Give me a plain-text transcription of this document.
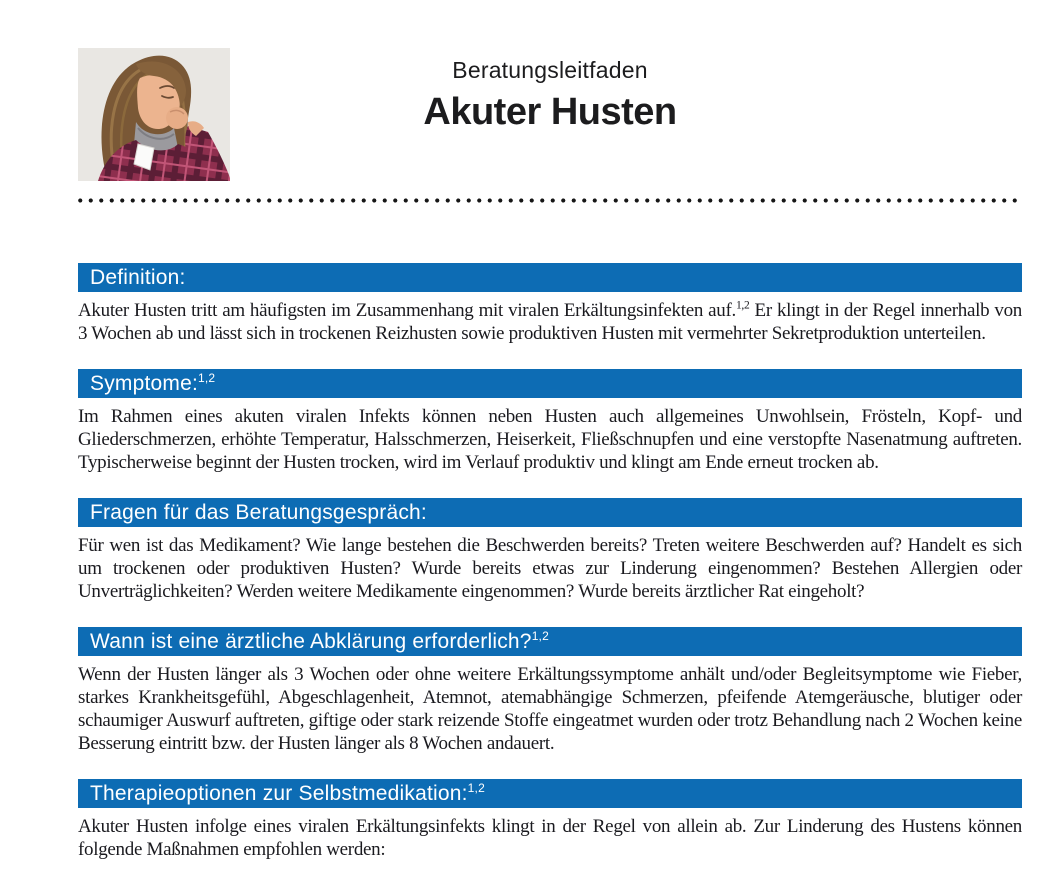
Beratungsleitfaden
Akuter Husten
Definition:

Akuter Husten tritt am häufigsten im Zusammenhang mit viralen Erkältungsinfekten auf.$^{1,2}$ Er klingt in der Regel innerhalb von 3 Wochen ab und lässt sich in trockenen Reizhusten sowie produktiven Husten mit vermehrter Sekretproduktion unterteilen.

Symptome:$^{1,2}$

Im Rahmen eines akuten viralen Infekts können neben Husten auch allgemeines Unwohlsein, Frösteln, Kopf- und Gliederschmerzen, erhöhte Temperatur, Halsschmerzen, Heiserkeit, Fließschnupfen und eine verstopfte Nasenatmung auftreten. Typischerweise beginnt der Husten trocken, wird im Verlauf produktiv und klingt am Ende erneut trocken ab.

Fragen für das Beratungsgespräch:

Für wen ist das Medikament? Wie lange bestehen die Beschwerden bereits? Treten weitere Beschwerden auf? Handelt es sich um trockenen oder produktiven Husten? Wurde bereits etwas zur Linderung eingenommen? Bestehen Allergien oder Unverträglichkeiten? Werden weitere Medikamente eingenommen? Wurde bereits ärztlicher Rat eingeholt?

Wann ist eine ärztliche Abklärung erforderlich?$^{1,2}$

Wenn der Husten länger als 3 Wochen oder ohne weitere Erkältungssymptome anhält und/oder Begleitsymptome wie Fieber, starkes Krankheitsgefühl, Abgeschlagenheit, Atemnot, atemabhängige Schmerzen, pfeifende Atemgeräusche, blutiger oder schaumiger Auswurf auftreten, giftige oder stark reizende Stoffe eingeatmet wurden oder trotz Behandlung nach 2 Wochen keine Besserung eintritt bzw. der Husten länger als 8 Wochen andauert.

Therapieoptionen zur Selbstmedikation:$^{1,2}$

Akuter Husten infolge eines viralen Erkältungsinfekts klingt in der Regel von allein ab. Zur Linderung des Hustens können folgende Maßnahmen empfohlen werden:
